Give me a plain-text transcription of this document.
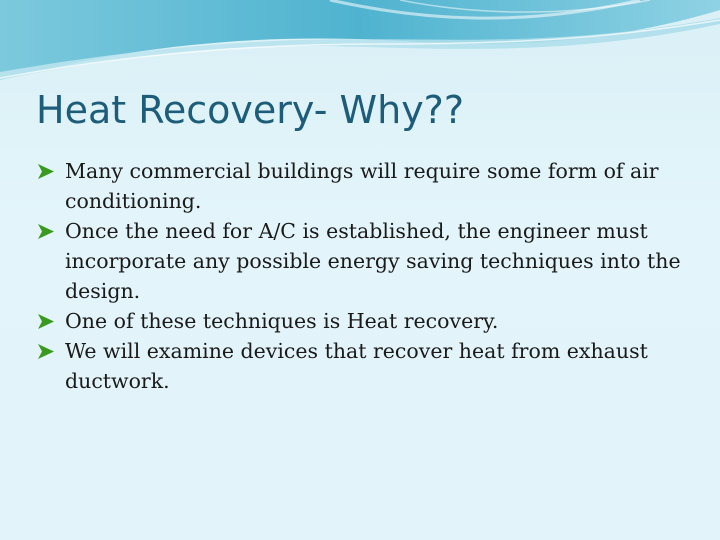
Heat Recovery- Why??
Many commercial buildings will require some form of air conditioning.
Once the need for A/C is established, the engineer must incorporate any possible energy saving techniques into the design.
One of these techniques is Heat recovery.
We will examine devices that recover heat from exhaust ductwork.
